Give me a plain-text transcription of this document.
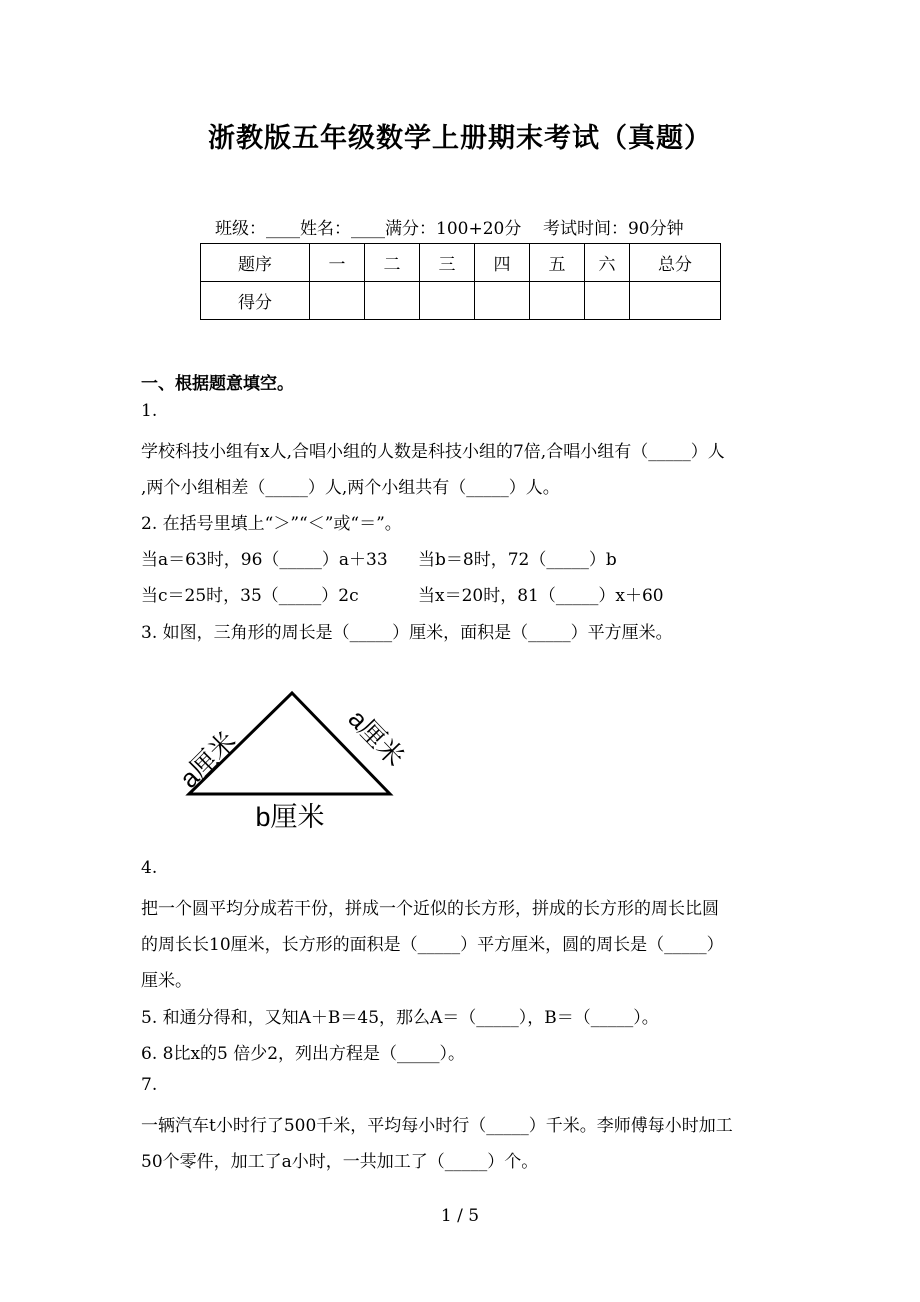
浙教版五年级数学上册期末考试（真题）
班级：____姓名：____满分：100+20分    考试时间：90分钟
题序	一	二	三	四	五	六	总分
得分							
一、根据题意填空。
1.
学校科技小组有x人,合唱小组的人数是科技小组的7倍,合唱小组有（_____）人
,两个小组相差（_____）人,两个小组共有（_____）人。
2. 在括号里填上“＞”“＜”或“＝”。
当a＝63时，96（_____）a＋33 当b＝8时，72（_____）b
当c＝25时，35（_____）2c	当x＝20时，81（_____）x＋60
3. 如图，三角形的周长是（_____）厘米，面积是（_____）平方厘米。
a厘米	a厘米
b厘米
4.
把一个圆平均分成若干份，拼成一个近似的长方形，拼成的长方形的周长比圆
的周长长10厘米，长方形的面积是（_____）平方厘米，圆的周长是（_____）
厘米。
5. 和通分得和，又知A＋B＝45，那么A＝（_____），B＝（_____）。
6. 8比x的5 倍少2，列出方程是（_____）。
7.
一辆汽车t小时行了500千米，平均每小时行（_____）千米。李师傅每小时加工
50个零件，加工了a小时，一共加工了（_____）个。
1 / 5
